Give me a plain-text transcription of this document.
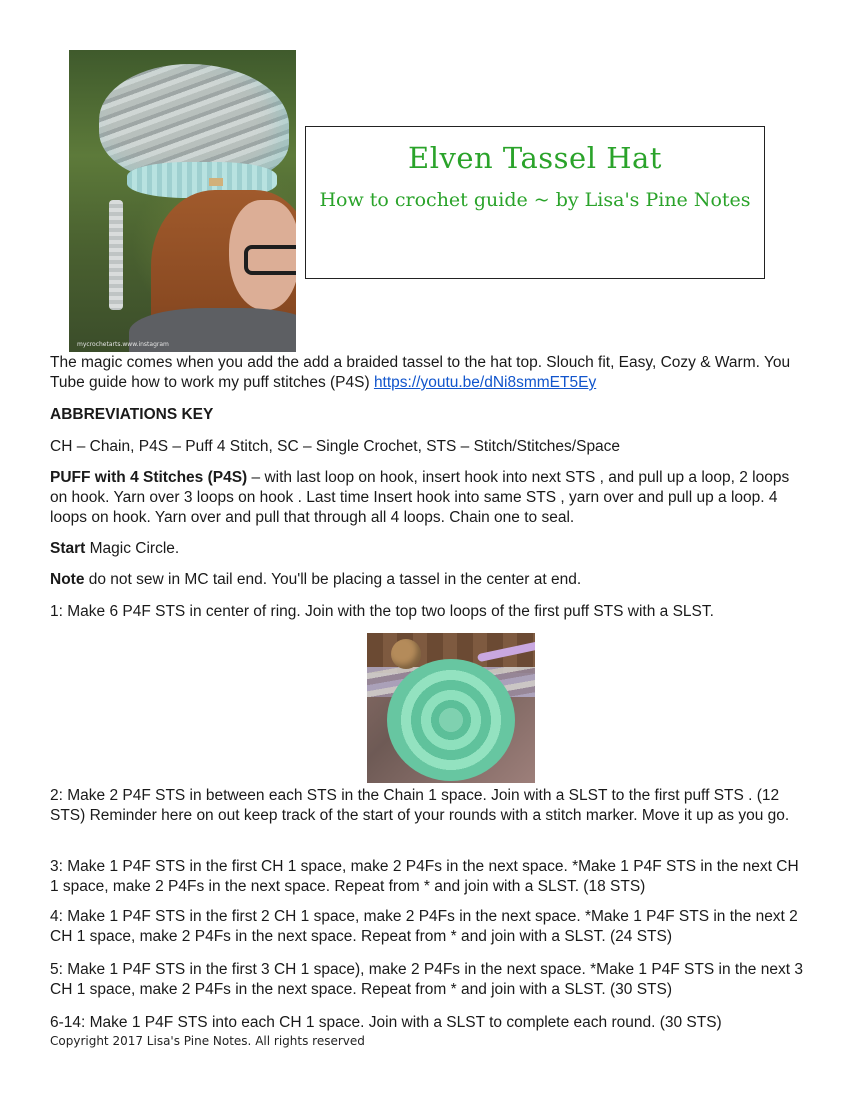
mycrochetarts.www.instagram
Elven Tassel Hat
How to crochet guide ~ by Lisa's Pine Notes
The magic comes when you add the add a braided tassel to the hat top. Slouch fit, Easy, Cozy & Warm. You Tube guide how to work my puff stitches (P4S) https://youtu.be/dNi8smmET5Ey
ABBREVIATIONS KEY
CH – Chain, P4S – Puff 4 Stitch, SC – Single Crochet, STS – Stitch/Stitches/Space
PUFF with 4 Stitches (P4S) – with last loop on hook, insert hook into next STS , and pull up a loop, 2 loops on hook. Yarn over 3 loops on hook . Last time Insert hook into same STS , yarn over and pull up a loop. 4 loops on hook. Yarn over and pull that through all 4 loops. Chain one to seal.
Start Magic Circle.
Note do not sew in MC tail end. You'll be placing a tassel in the center at end.
1: Make 6 P4F STS in center of ring. Join with the top two loops of the first puff STS with a SLST.
2: Make 2 P4F STS in between each STS in the Chain 1 space. Join with a SLST to the first puff STS . (12 STS) Reminder here on out keep track of the start of your rounds with a stitch marker. Move it up as you go.
3: Make 1 P4F STS in the first CH 1 space, make 2 P4Fs in the next space. *Make 1 P4F STS in the next CH 1 space, make 2 P4Fs in the next space. Repeat from * and join with a SLST. (18 STS)
4: Make 1 P4F STS in the first 2 CH 1 space, make 2 P4Fs in the next space. *Make 1 P4F STS in the next 2 CH 1 space, make 2 P4Fs in the next space. Repeat from * and join with a SLST. (24 STS)
5: Make 1 P4F STS in the first 3 CH 1 space), make 2 P4Fs in the next space. *Make 1 P4F STS in the next 3 CH 1 space, make 2 P4Fs in the next space. Repeat from * and join with a SLST. (30 STS)
6-14: Make 1 P4F STS into each CH 1 space. Join with a SLST to complete each round. (30 STS)
Copyright 2017 Lisa's Pine Notes. All rights reserved
